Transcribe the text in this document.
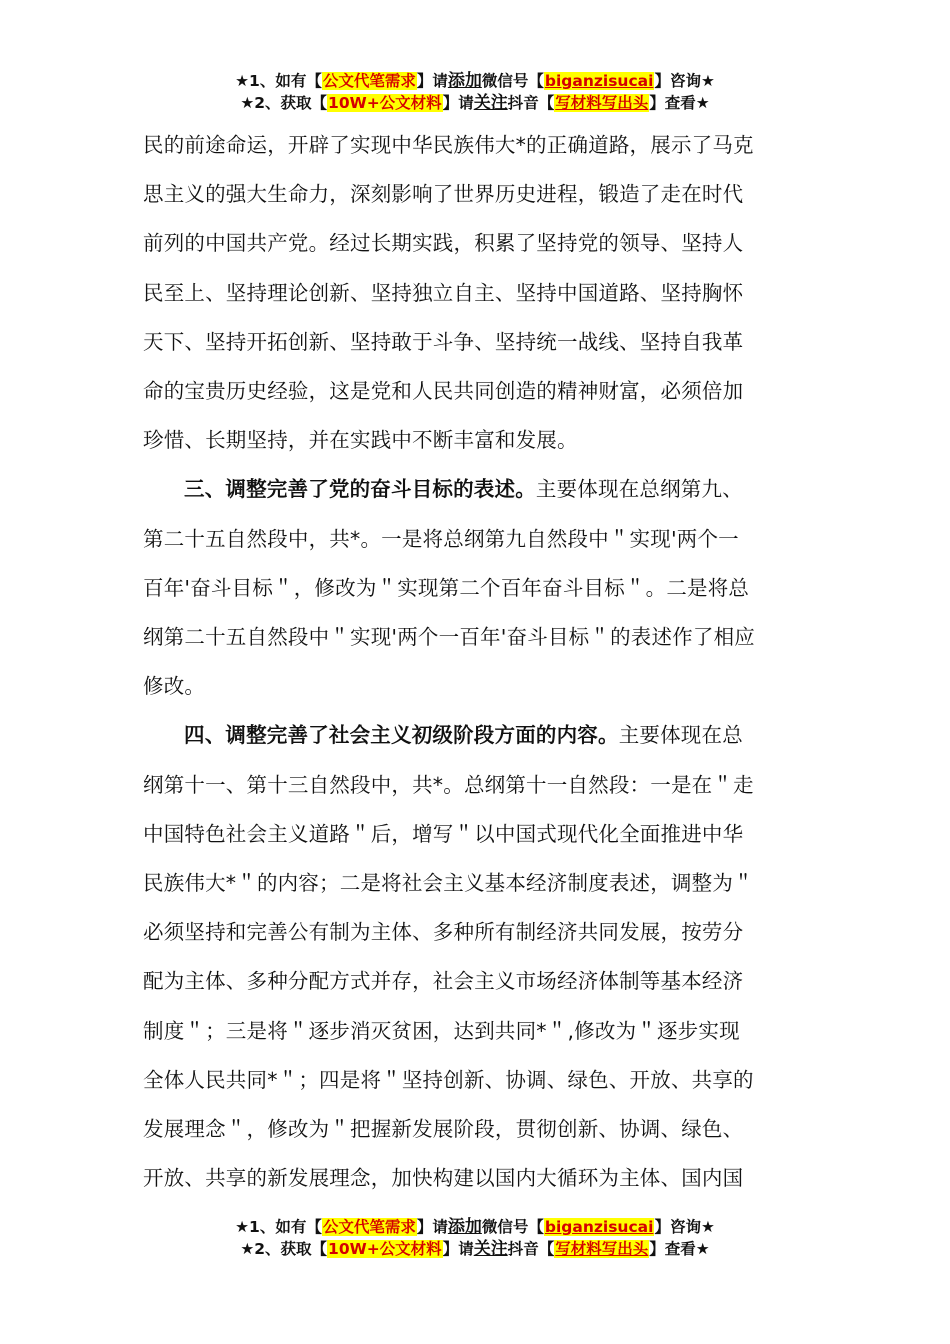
★1、如有【公文代笔需求】请添加微信号【biganzisucai】咨询★
★2、获取【10W+公文材料】请关注抖音【写材料写出头】查看★

民的前途命运，开辟了实现中华民族伟大*的正确道路，展示了马克
思主义的强大生命力，深刻影响了世界历史进程，锻造了走在时代
前列的中国共产党。经过长期实践，积累了坚持党的领导、坚持人
民至上、坚持理论创新、坚持独立自主、坚持中国道路、坚持胸怀
天下、坚持开拓创新、坚持敢于斗争、坚持统一战线、坚持自我革
命的宝贵历史经验，这是党和人民共同创造的精神财富，必须倍加
珍惜、长期坚持，并在实践中不断丰富和发展。

三、调整完善了党的奋斗目标的表述。主要体现在总纲第九、
第二十五自然段中，共*。一是将总纲第九自然段中＂实现'两个一
百年'奋斗目标＂，修改为＂实现第二个百年奋斗目标＂。二是将总
纲第二十五自然段中＂实现'两个一百年'奋斗目标＂的表述作了相应
修改。

四、调整完善了社会主义初级阶段方面的内容。主要体现在总
纲第十一、第十三自然段中，共*。总纲第十一自然段：一是在＂走
中国特色社会主义道路＂后，增写＂以中国式现代化全面推进中华
民族伟大*＂的内容；二是将社会主义基本经济制度表述，调整为＂
必须坚持和完善公有制为主体、多种所有制经济共同发展，按劳分
配为主体、多种分配方式并存，社会主义市场经济体制等基本经济
制度＂；三是将＂逐步消灭贫困，达到共同*＂,修改为＂逐步实现
全体人民共同*＂；四是将＂坚持创新、协调、绿色、开放、共享的
发展理念＂，修改为＂把握新发展阶段，贯彻创新、协调、绿色、
开放、共享的新发展理念，加快构建以国内大循环为主体、国内国

★1、如有【公文代笔需求】请添加微信号【biganzisucai】咨询★
★2、获取【10W+公文材料】请关注抖音【写材料写出头】查看★
